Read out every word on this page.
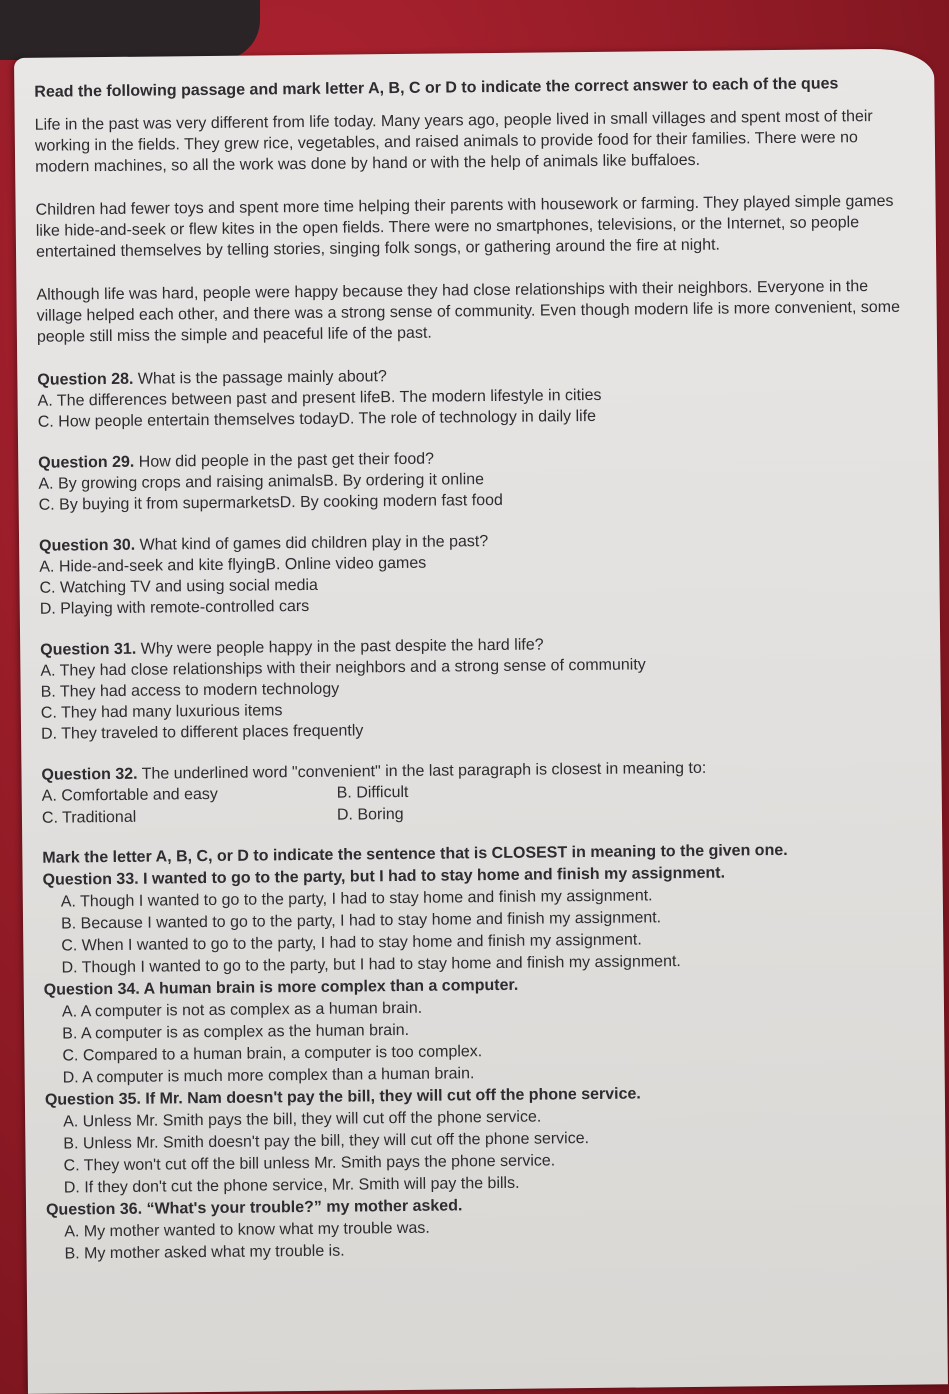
Read the following passage and mark letter A, B, C or D to indicate the correct answer to each of the ques
Life in the past was very different from life today. Many years ago, people lived in small villages and spent most of their
working in the fields. They grew rice, vegetables, and raised animals to provide food for their families. There were no
modern machines, so all the work was done by hand or with the help of animals like buffaloes.
Children had fewer toys and spent more time helping their parents with housework or farming. They played simple games
like hide-and-seek or flew kites in the open fields. There were no smartphones, televisions, or the Internet, so people
entertained themselves by telling stories, singing folk songs, or gathering around the fire at night.
Although life was hard, people were happy because they had close relationships with their neighbors. Everyone in the
village helped each other, and there was a strong sense of community. Even though modern life is more convenient, some
people still miss the simple and peaceful life of the past.
Question 28. What is the passage mainly about?
A. The differences between past and present lifeB. The modern lifestyle in cities
C. How people entertain themselves todayD. The role of technology in daily life
Question 29. How did people in the past get their food?
A. By growing crops and raising animalsB. By ordering it online
C. By buying it from supermarketsD. By cooking modern fast food
Question 30. What kind of games did children play in the past?
A. Hide-and-seek and kite flyingB. Online video games
C. Watching TV and using social media
D. Playing with remote-controlled cars
Question 31. Why were people happy in the past despite the hard life?
A. They had close relationships with their neighbors and a strong sense of community
B. They had access to modern technology
C. They had many luxurious items
D. They traveled to different places frequently
Question 32. The underlined word "convenient" in the last paragraph is closest in meaning to:
A. Comfortable and easy	B. Difficult
C. Traditional	D. Boring
Mark the letter A, B, C, or D to indicate the sentence that is CLOSEST in meaning to the given one.
Question 33. I wanted to go to the party, but I had to stay home and finish my assignment.
A. Though I wanted to go to the party, I had to stay home and finish my assignment.
B. Because I wanted to go to the party, I had to stay home and finish my assignment.
C. When I wanted to go to the party, I had to stay home and finish my assignment.
D. Though I wanted to go to the party, but I had to stay home and finish my assignment.
Question 34. A human brain is more complex than a computer.
A. A computer is not as complex as a human brain.
B. A computer is as complex as the human brain.
C. Compared to a human brain, a computer is too complex.
D. A computer is much more complex than a human brain.
Question 35. If Mr. Nam doesn't pay the bill, they will cut off the phone service.
A. Unless Mr. Smith pays the bill, they will cut off the phone service.
B. Unless Mr. Smith doesn't pay the bill, they will cut off the phone service.
C. They won't cut off the bill unless Mr. Smith pays the phone service.
D. If they don't cut the phone service, Mr. Smith will pay the bills.
Question 36. “What's your trouble?” my mother asked.
A. My mother wanted to know what my trouble was.
B. My mother asked what my trouble is.
